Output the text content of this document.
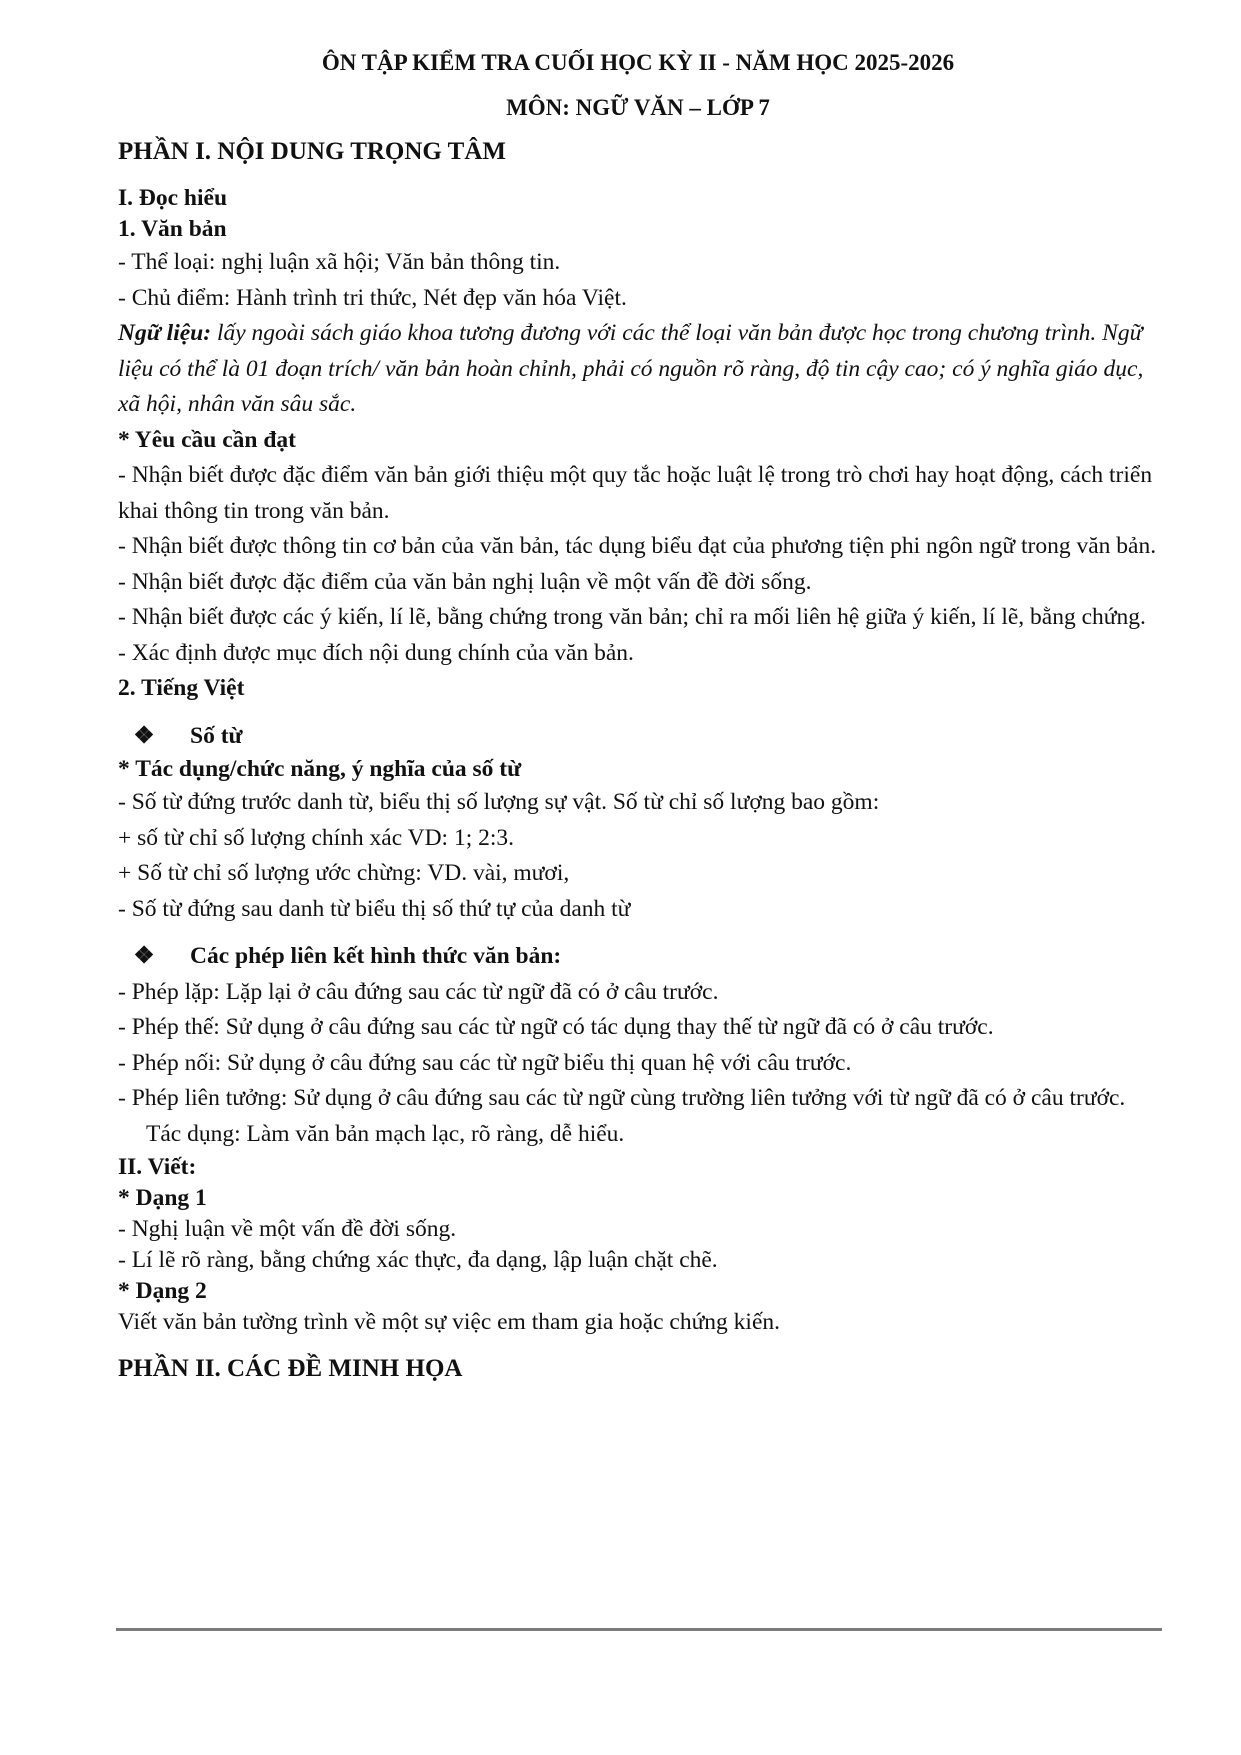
ÔN TẬP KIỂM TRA CUỐI HỌC KỲ II - NĂM HỌC 2025-2026

MÔN: NGỮ VĂN – LỚP 7

PHẦN I. NỘI DUNG TRỌNG TÂM

I. Đọc hiểu

1. Văn bản

- Thể loại: nghị luận xã hội; Văn bản thông tin.

- Chủ điểm: Hành trình tri thức, Nét đẹp văn hóa Việt.

Ngữ liệu: lấy ngoài sách giáo khoa tương đương với các thể loại văn bản được học trong chương trình. Ngữ liệu có thể là 01 đoạn trích/ văn bản hoàn chỉnh, phải có nguồn rõ ràng, độ tin cậy cao; có ý nghĩa giáo dục, xã hội, nhân văn sâu sắc.

* Yêu cầu cần đạt

- Nhận biết được đặc điểm văn bản giới thiệu một quy tắc hoặc luật lệ trong trò chơi hay hoạt động, cách triển khai thông tin trong văn bản.

- Nhận biết được thông tin cơ bản của văn bản, tác dụng biểu đạt của phương tiện phi ngôn ngữ trong văn bản.

- Nhận biết được đặc điểm của văn bản nghị luận về một vấn đề đời sống.

- Nhận biết được các ý kiến, lí lẽ, bằng chứng trong văn bản; chỉ ra mối liên hệ giữa ý kiến, lí lẽ, bằng chứng.

- Xác định được mục đích nội dung chính của văn bản.

2. Tiếng Việt

❖ Số từ

* Tác dụng/chức năng, ý nghĩa của số từ

- Số từ đứng trước danh từ, biểu thị số lượng sự vật. Số từ chỉ số lượng bao gồm:

+ số từ chỉ số lượng chính xác VD: 1; 2:3.

+ Số từ chỉ số lượng ước chừng: VD. vài, mươi,

- Số từ đứng sau danh từ biểu thị số thứ tự của danh từ

❖ Các phép liên kết hình thức văn bản:

- Phép lặp: Lặp lại ở câu đứng sau các từ ngữ đã có ở câu trước.

- Phép thế: Sử dụng ở câu đứng sau các từ ngữ có tác dụng thay thế từ ngữ đã có ở câu trước.

- Phép nối: Sử dụng ở câu đứng sau các từ ngữ biểu thị quan hệ với câu trước.

- Phép liên tưởng: Sử dụng ở câu đứng sau các từ ngữ cùng trường liên tưởng với từ ngữ đã có ở câu trước.

Tác dụng: Làm văn bản mạch lạc, rõ ràng, dễ hiểu.

II. Viết:

* Dạng 1

- Nghị luận về một vấn đề đời sống.

- Lí lẽ rõ ràng, bằng chứng xác thực, đa dạng, lập luận chặt chẽ.

* Dạng 2

Viết văn bản tường trình về một sự việc em tham gia hoặc chứng kiến.

PHẦN II. CÁC ĐỀ MINH HỌA
